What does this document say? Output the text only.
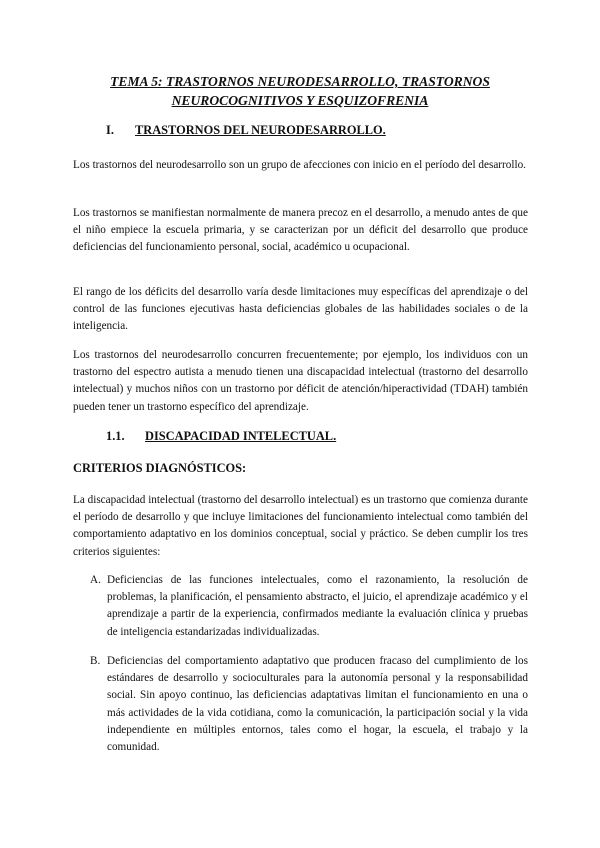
TEMA 5: TRASTORNOS NEURODESARROLLO, TRASTORNOS NEUROCOGNITIVOS Y ESQUIZOFRENIA
I. TRASTORNOS DEL NEURODESARROLLO.

Los trastornos del neurodesarrollo son un grupo de afecciones con inicio en el período del desarrollo.

Los trastornos se manifiestan normalmente de manera precoz en el desarrollo, a menudo antes de que el niño empiece la escuela primaria, y se caracterizan por un déficit del desarrollo que produce deficiencias del funcionamiento personal, social, académico u ocupacional.

El rango de los déficits del desarrollo varía desde limitaciones muy específicas del aprendizaje o del control de las funciones ejecutivas hasta deficiencias globales de las habilidades sociales o de la inteligencia.

Los trastornos del neurodesarrollo concurren frecuentemente; por ejemplo, los individuos con un trastorno del espectro autista a menudo tienen una discapacidad intelectual (trastorno del desarrollo intelectual) y muchos niños con un trastorno por déficit de atención/hiperactividad (TDAH) también pueden tener un trastorno específico del aprendizaje.

1.1. DISCAPACIDAD INTELECTUAL.
CRITERIOS DIAGNÓSTICOS:

La discapacidad intelectual (trastorno del desarrollo intelectual) es un trastorno que comienza durante el período de desarrollo y que incluye limitaciones del funcionamiento intelectual como también del comportamiento adaptativo en los dominios conceptual, social y práctico. Se deben cumplir los tres criterios siguientes:

A. Deficiencias de las funciones intelectuales, como el razonamiento, la resolución de problemas, la planificación, el pensamiento abstracto, el juicio, el aprendizaje académico y el aprendizaje a partir de la experiencia, confirmados mediante la evaluación clínica y pruebas de inteligencia estandarizadas individualizadas.

B. Deficiencias del comportamiento adaptativo que producen fracaso del cumplimiento de los estándares de desarrollo y socioculturales para la autonomía personal y la responsabilidad social. Sin apoyo continuo, las deficiencias adaptativas limitan el funcionamiento en una o más actividades de la vida cotidiana, como la comunicación, la participación social y la vida independiente en múltiples entornos, tales como el hogar, la escuela, el trabajo y la comunidad.
